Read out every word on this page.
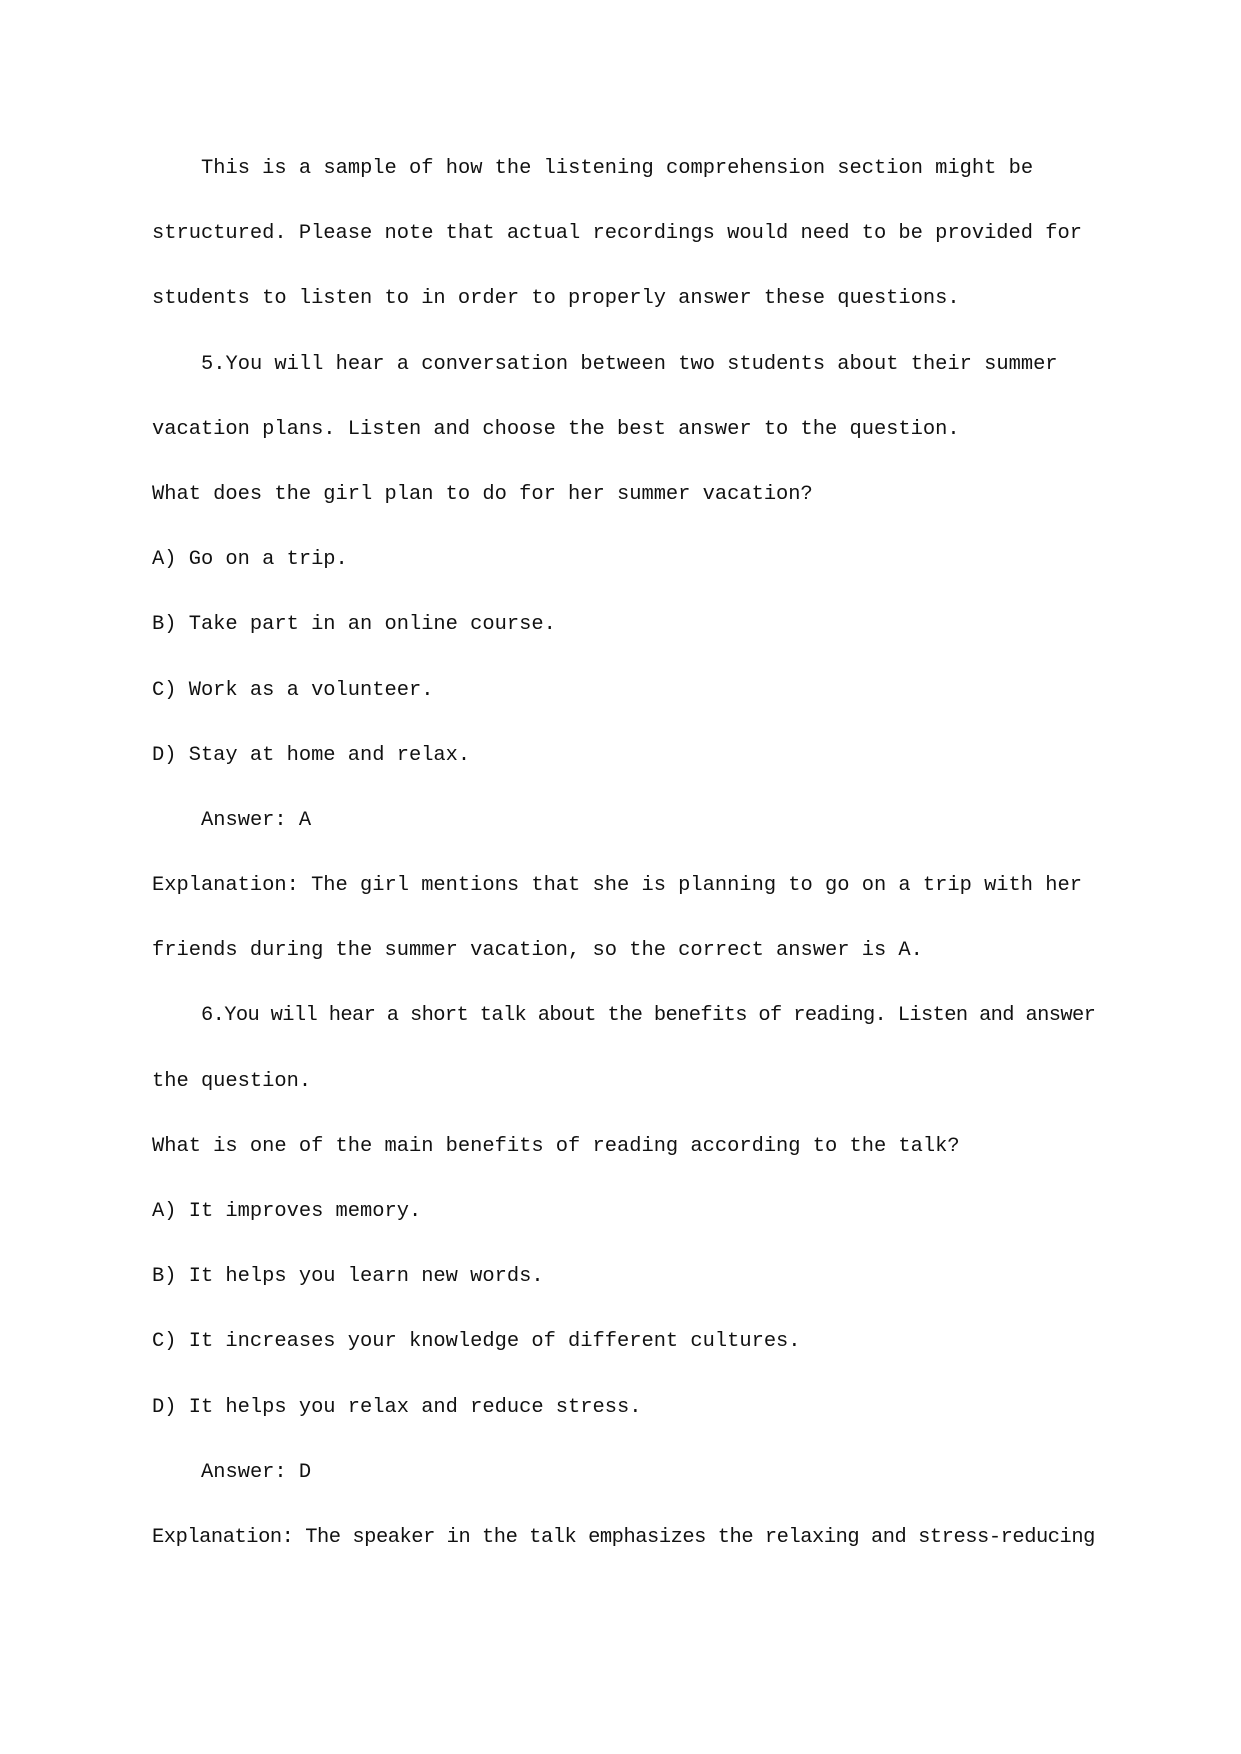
This is a sample of how the listening comprehension section might be
structured. Please note that actual recordings would need to be provided for
students to listen to in order to properly answer these questions.
5.You will hear a conversation between two students about their summer
vacation plans. Listen and choose the best answer to the question.
What does the girl plan to do for her summer vacation?
A) Go on a trip.
B) Take part in an online course.
C) Work as a volunteer.
D) Stay at home and relax.
Answer: A
Explanation: The girl mentions that she is planning to go on a trip with her
friends during the summer vacation, so the correct answer is A.
6.You will hear a short talk about the benefits of reading. Listen and answer
the question.
What is one of the main benefits of reading according to the talk?
A) It improves memory.
B) It helps you learn new words.
C) It increases your knowledge of different cultures.
D) It helps you relax and reduce stress.
Answer: D
Explanation: The speaker in the talk emphasizes the relaxing and stress-reducing
